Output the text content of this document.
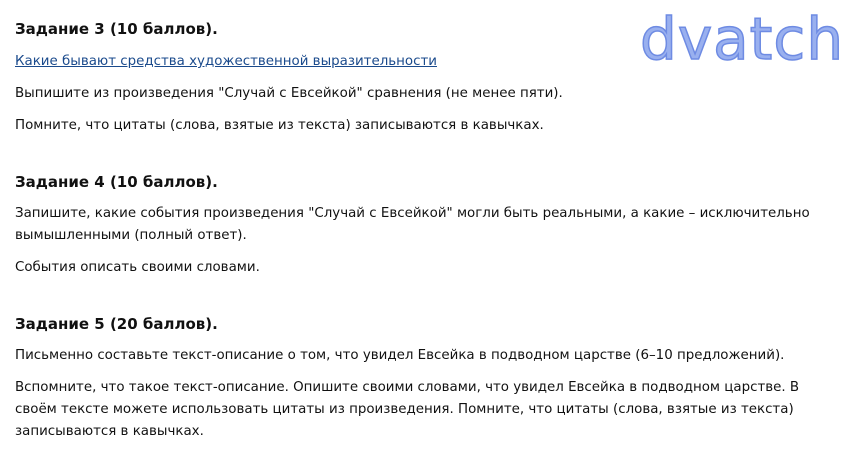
dvatch

Задание 3 (10 баллов).

Какие бывают средства художественной выразительности

Выпишите из произведения "Случай с Евсейкой" сравнения (не менее пяти).

Помните, что цитаты (слова, взятые из текста) записываются в кавычках.

Задание 4 (10 баллов).

Запишите, какие события произведения "Случай с Евсейкой" могли быть реальными, а какие – исключительно вымышленными (полный ответ).

События описать своими словами.

Задание 5 (20 баллов).

Письменно составьте текст-описание о том, что увидел Евсейка в подводном царстве (6–10 предложений).

Вспомните, что такое текст-описание. Опишите своими словами, что увидел Евсейка в подводном царстве. В своём тексте можете использовать цитаты из произведения. Помните, что цитаты (слова, взятые из текста) записываются в кавычках.
